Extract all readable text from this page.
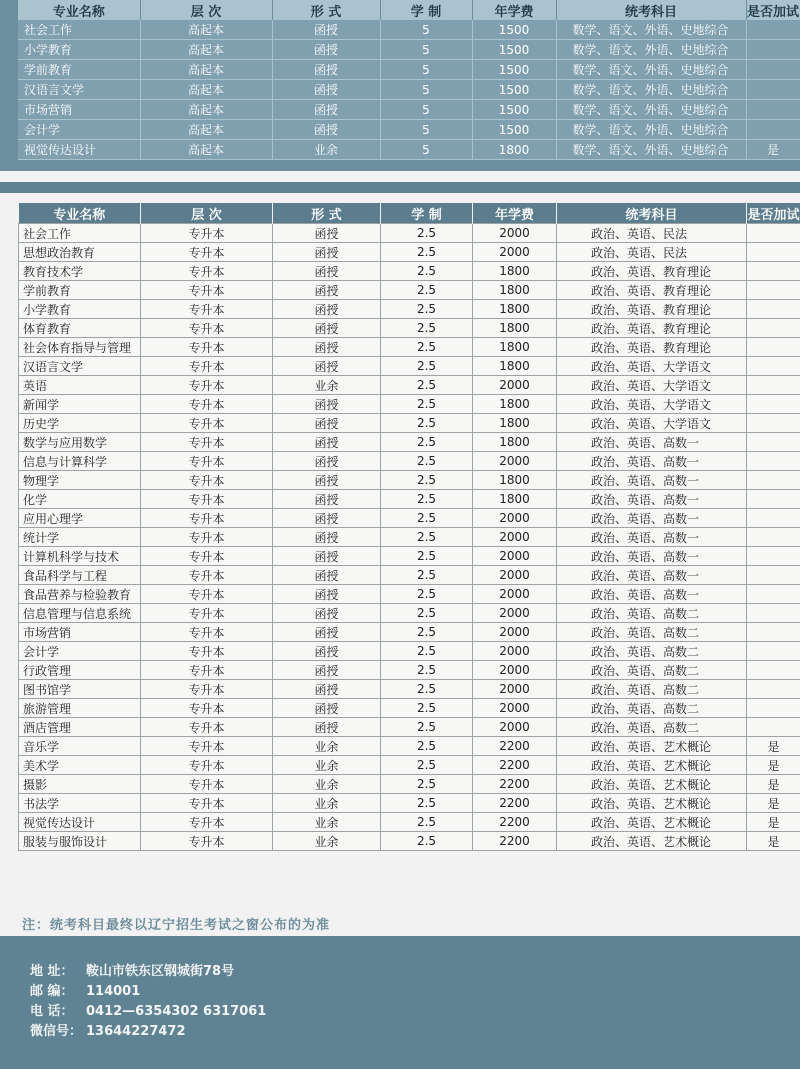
专业名称	层 次	形 式	学 制	年学费	统考科目	是否加试
社会工作	高起本	函授	5	1500	数学、语文、外语、史地综合	
小学教育	高起本	函授	5	1500	数学、语文、外语、史地综合	
学前教育	高起本	函授	5	1500	数学、语文、外语、史地综合	
汉语言文学	高起本	函授	5	1500	数学、语文、外语、史地综合	
市场营销	高起本	函授	5	1500	数学、语文、外语、史地综合	
会计学	高起本	函授	5	1500	数学、语文、外语、史地综合	
视觉传达设计	高起本	业余	5	1800	数学、语文、外语、史地综合	是
专业名称	层 次	形 式	学 制	年学费	统考科目	是否加试
社会工作	专升本	函授	2.5	2000	政治、英语、民法	
思想政治教育	专升本	函授	2.5	2000	政治、英语、民法	
教育技术学	专升本	函授	2.5	1800	政治、英语、教育理论	
学前教育	专升本	函授	2.5	1800	政治、英语、教育理论	
小学教育	专升本	函授	2.5	1800	政治、英语、教育理论	
体育教育	专升本	函授	2.5	1800	政治、英语、教育理论	
社会体育指导与管理	专升本	函授	2.5	1800	政治、英语、教育理论	
汉语言文学	专升本	函授	2.5	1800	政治、英语、大学语文	
英语	专升本	业余	2.5	2000	政治、英语、大学语文	
新闻学	专升本	函授	2.5	1800	政治、英语、大学语文	
历史学	专升本	函授	2.5	1800	政治、英语、大学语文	
数学与应用数学	专升本	函授	2.5	1800	政治、英语、高数一	
信息与计算科学	专升本	函授	2.5	2000	政治、英语、高数一	
物理学	专升本	函授	2.5	1800	政治、英语、高数一	
化学	专升本	函授	2.5	1800	政治、英语、高数一	
应用心理学	专升本	函授	2.5	2000	政治、英语、高数一	
统计学	专升本	函授	2.5	2000	政治、英语、高数一	
计算机科学与技术	专升本	函授	2.5	2000	政治、英语、高数一	
食品科学与工程	专升本	函授	2.5	2000	政治、英语、高数一	
食品营养与检验教育	专升本	函授	2.5	2000	政治、英语、高数一	
信息管理与信息系统	专升本	函授	2.5	2000	政治、英语、高数二	
市场营销	专升本	函授	2.5	2000	政治、英语、高数二	
会计学	专升本	函授	2.5	2000	政治、英语、高数二	
行政管理	专升本	函授	2.5	2000	政治、英语、高数二	
图书馆学	专升本	函授	2.5	2000	政治、英语、高数二	
旅游管理	专升本	函授	2.5	2000	政治、英语、高数二	
酒店管理	专升本	函授	2.5	2000	政治、英语、高数二	
音乐学	专升本	业余	2.5	2200	政治、英语、艺术概论	是
美术学	专升本	业余	2.5	2200	政治、英语、艺术概论	是
摄影	专升本	业余	2.5	2200	政治、英语、艺术概论	是
书法学	专升本	业余	2.5	2200	政治、英语、艺术概论	是
视觉传达设计	专升本	业余	2.5	2200	政治、英语、艺术概论	是
服装与服饰设计	专升本	业余	2.5	2200	政治、英语、艺术概论	是
注：统考科目最终以辽宁招生考试之窗公布的为准
地 址： 鞍山市铁东区钢城街78号
邮 编： 114001
电 话： 0412—6354302 6317061
微信号： 13644227472
